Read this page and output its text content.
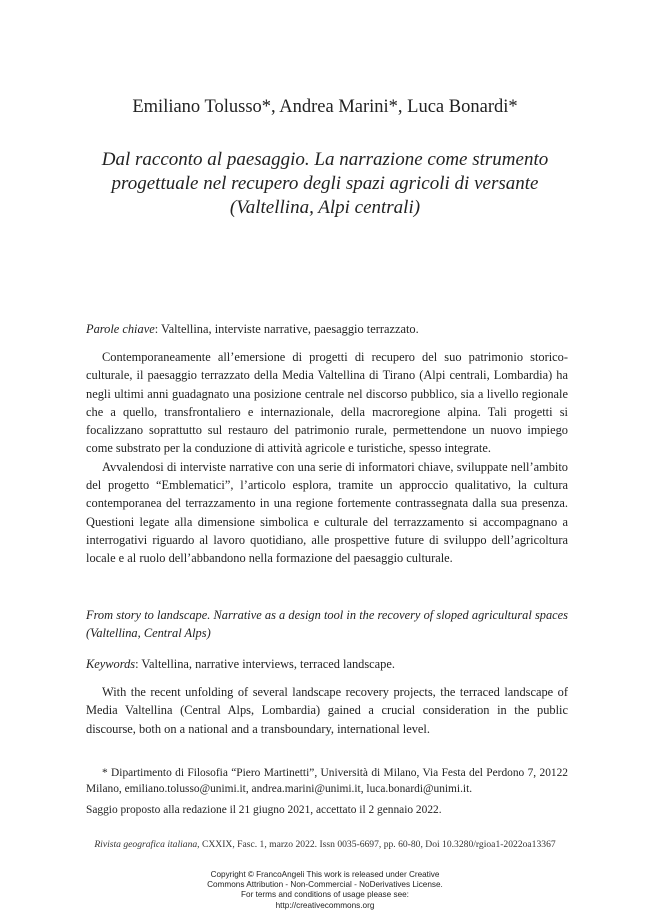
Emiliano Tolusso*, Andrea Marini*, Luca Bonardi*
Dal racconto al paesaggio. La narrazione come strumento
progettuale nel recupero degli spazi agricoli di versante
(Valtellina, Alpi centrali)
Parole chiave: Valtellina, interviste narrative, paesaggio terrazzato.

Contemporaneamente all’emersione di progetti di recupero del suo patrimonio storico-culturale, il paesaggio terrazzato della Media Valtellina di Tirano (Alpi centrali, Lombardia) ha negli ultimi anni guadagnato una posizione centrale nel discorso pubblico, sia a livello regionale che a quello, transfrontaliero e internazionale, della macroregione alpina. Tali progetti si focalizzano soprattutto sul restauro del patrimonio rurale, permettendone un nuovo impiego come substrato per la conduzione di attività agricole e turistiche, spesso integrate.

Avvalendosi di interviste narrative con una serie di informatori chiave, sviluppate nell’ambito del progetto “Emblematici”, l’articolo esplora, tramite un approccio qualitativo, la cultura contemporanea del terrazzamento in una regione fortemente contrassegnata dalla sua presenza. Questioni legate alla dimensione simbolica e culturale del terrazzamento si accompagnano a interrogativi riguardo al lavoro quotidiano, alle prospettive future di sviluppo dell’agricoltura locale e al ruolo dell’abbandono nella formazione del paesaggio culturale.

From story to landscape. Narrative as a design tool in the recovery of sloped agricultural spaces (Valtellina, Central Alps)
Keywords: Valtellina, narrative interviews, terraced landscape.

With the recent unfolding of several landscape recovery projects, the terraced landscape of Media Valtellina (Central Alps, Lombardia) gained a crucial consideration in the public discourse, both on a national and a transboundary, international level.

* Dipartimento di Filosofia “Piero Martinetti”, Università di Milano, Via Festa del Perdono 7, 20122 Milano, emiliano.tolusso@unimi.it, andrea.marini@unimi.it, luca.bonardi@unimi.it.

Saggio proposto alla redazione il 21 giugno 2021, accettato il 2 gennaio 2022.

Rivista geografica italiana, CXXIX, Fasc. 1, marzo 2022. Issn 0035-6697, pp. 60-80, Doi 10.3280/rgioa1-2022oa13367
Copyright © FrancoAngeli This work is released under Creative
Commons Attribution - Non-Commercial - NoDerivatives License.
For terms and conditions of usage please see:
http://creativecommons.org
